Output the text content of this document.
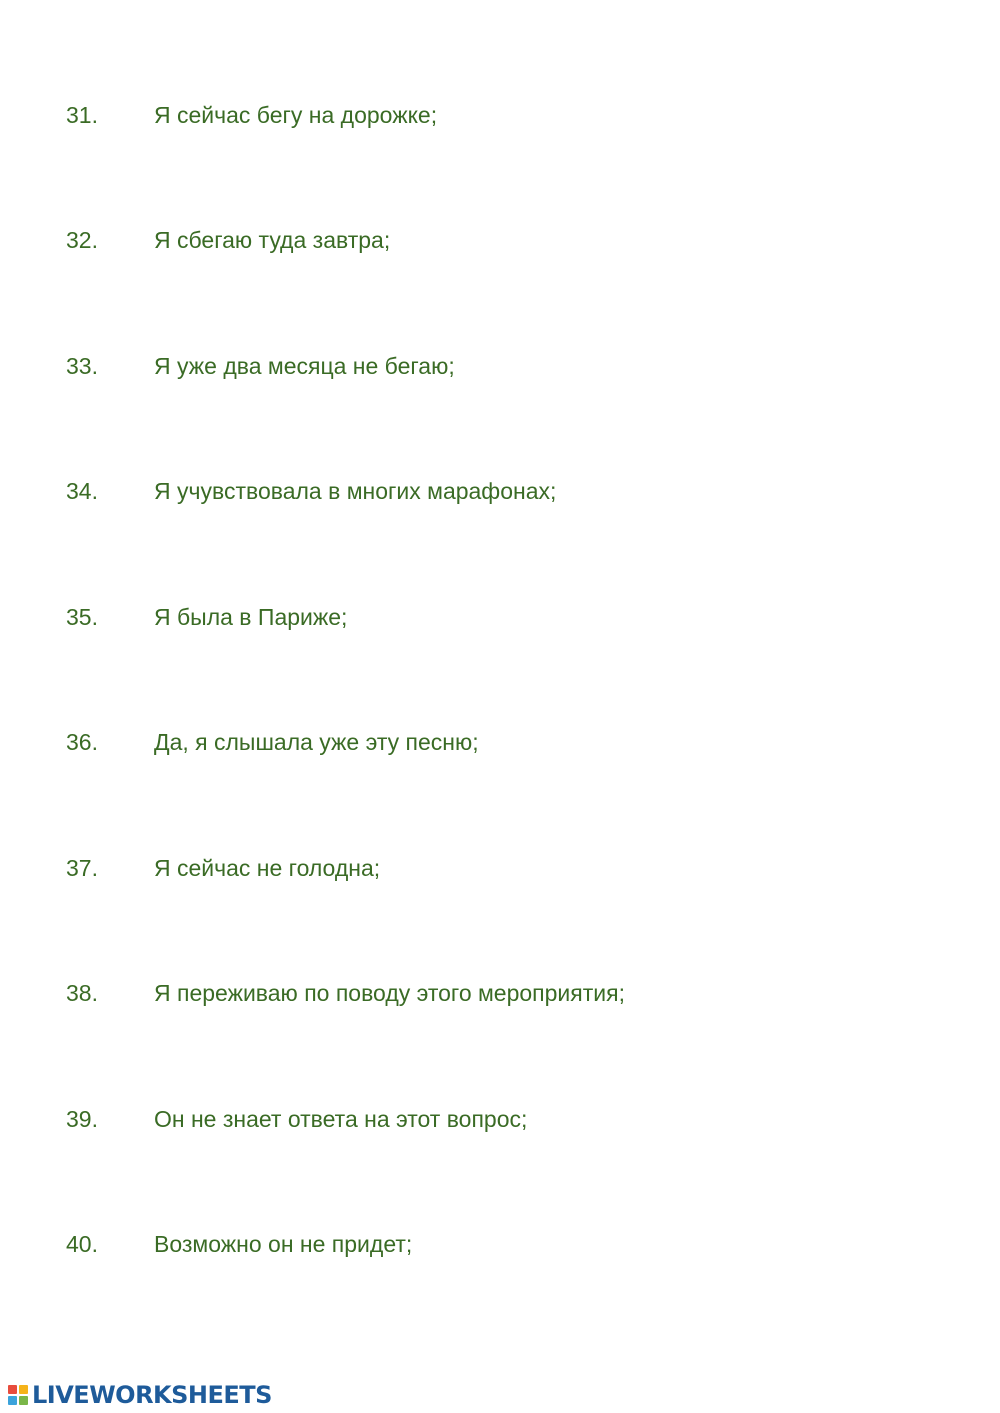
31. Я сейчас бегу на дорожке;
32. Я сбегаю туда завтра;
33. Я уже два месяца не бегаю;
34. Я учувствовала в многих марафонах;
35. Я была в Париже;
36. Да, я слышала уже эту песню;
37. Я сейчас не голодна;
38. Я переживаю по поводу этого мероприятия;
39. Он не знает ответа на этот вопрос;
40. Возможно он не придет;
LIVEWORKSHEETS
